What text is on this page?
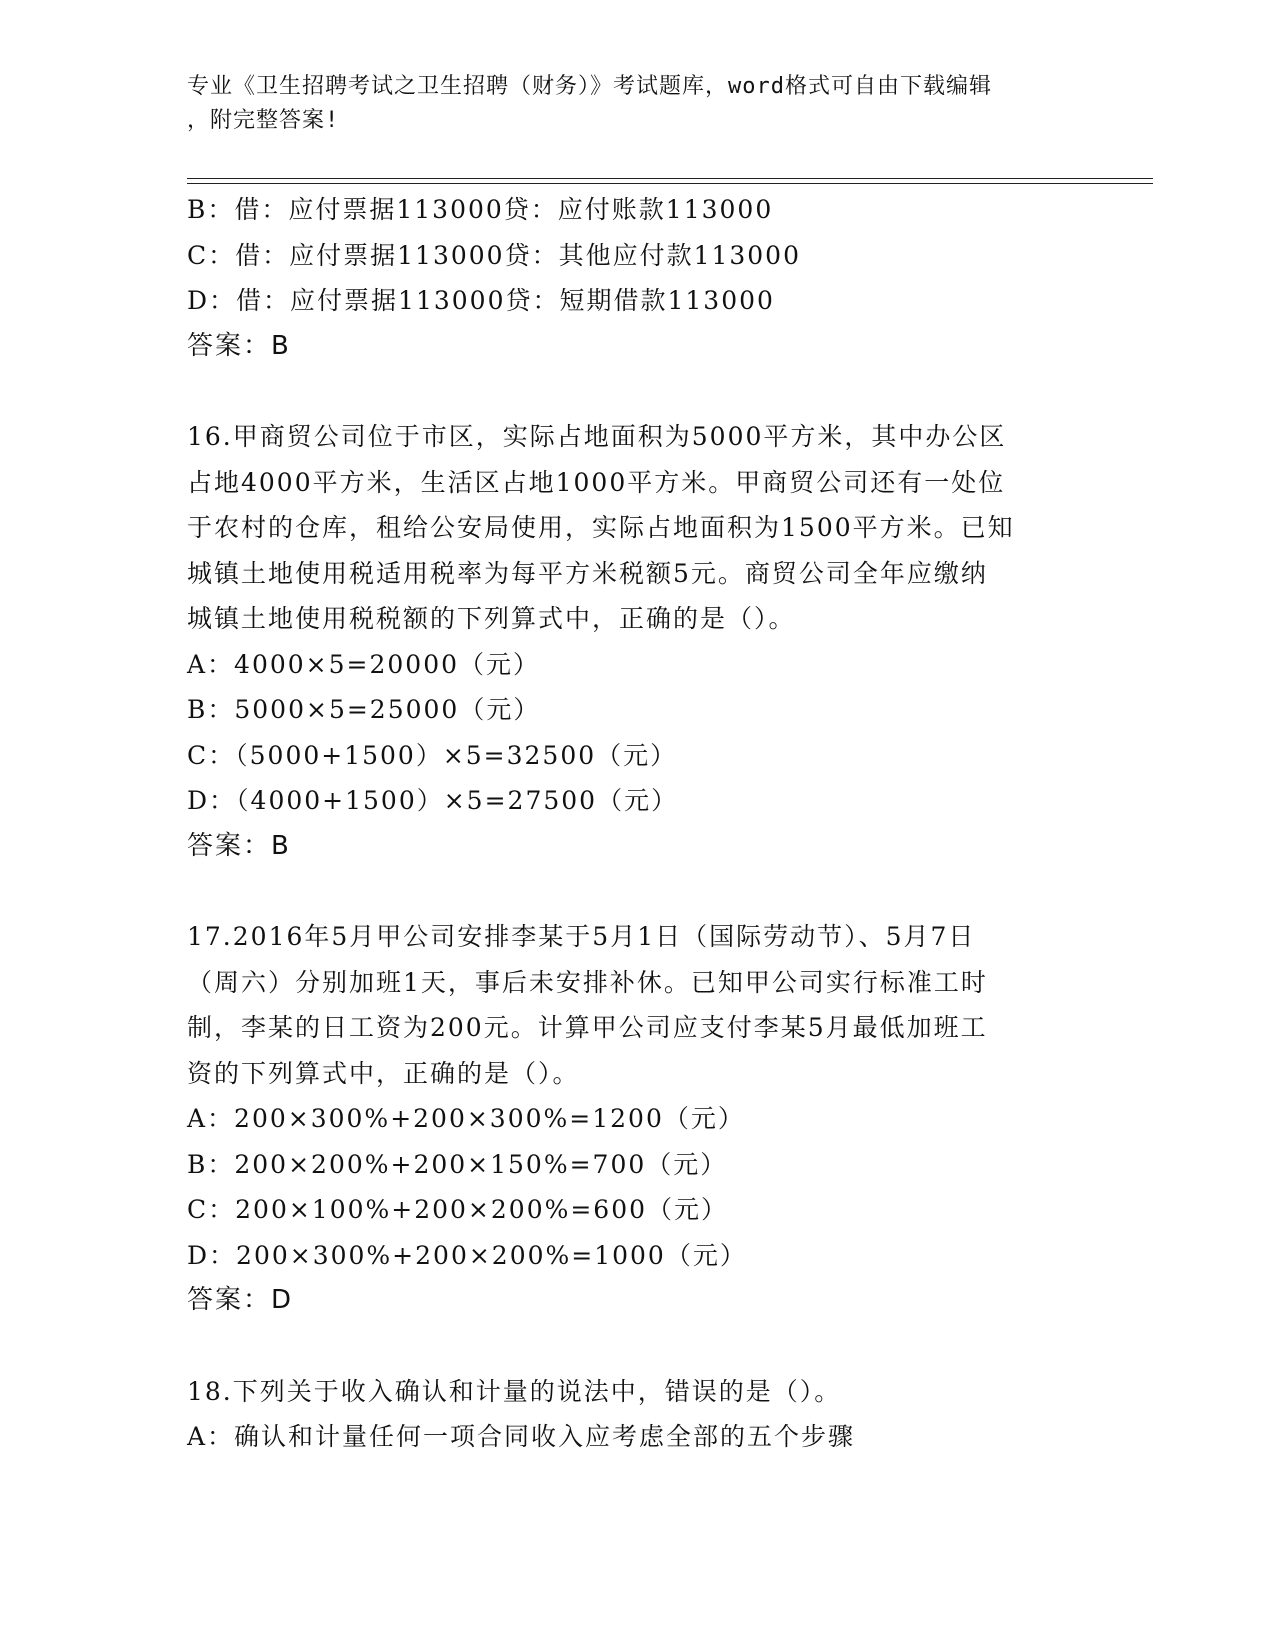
专业《卫生招聘考试之卫生招聘（财务）》考试题库，word格式可自由下载编辑
，附完整答案!
B：借：应付票据113000贷：应付账款113000
C：借：应付票据113000贷：其他应付款113000
D：借：应付票据113000贷：短期借款113000
答案：B
16.甲商贸公司位于市区，实际占地面积为5000平方米，其中办公区
占地4000平方米，生活区占地1000平方米。甲商贸公司还有一处位
于农村的仓库，租给公安局使用，实际占地面积为1500平方米。已知
城镇土地使用税适用税率为每平方米税额5元。商贸公司全年应缴纳
城镇土地使用税税额的下列算式中，正确的是（）。
A：4000×5=20000（元）
B：5000×5=25000（元）
C：（5000+1500）×5=32500（元）
D：（4000+1500）×5=27500（元）
答案：B
17.2016年5月甲公司安排李某于5月1日（国际劳动节）、5月7日
（周六）分别加班1天，事后未安排补休。已知甲公司实行标准工时
制，李某的日工资为200元。计算甲公司应支付李某5月最低加班工
资的下列算式中，正确的是（）。
A：200×300%+200×300%=1200（元）
B：200×200%+200×150%=700（元）
C：200×100%+200×200%=600（元）
D：200×300%+200×200%=1000（元）
答案：D
18.下列关于收入确认和计量的说法中，错误的是（）。
A：确认和计量任何一项合同收入应考虑全部的五个步骤
